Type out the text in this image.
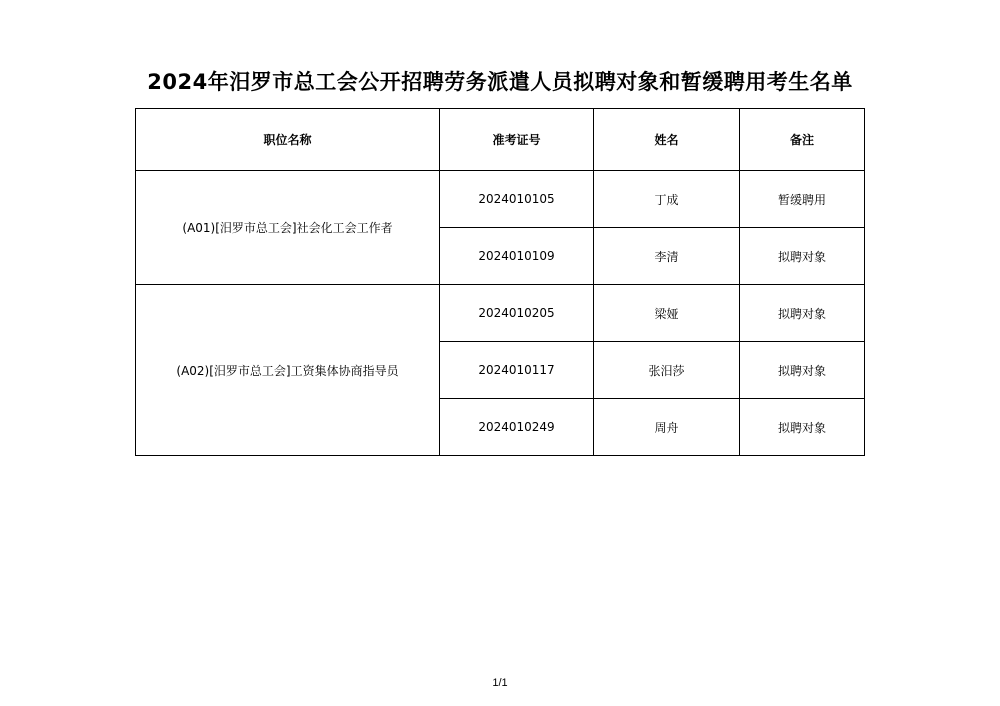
2024年汨罗市总工会公开招聘劳务派遣人员拟聘对象和暂缓聘用考生名单
职位名称	准考证号	姓名	备注
(A01)[汨罗市总工会]社会化工会工作者	2024010105	丁成	暂缓聘用
	2024010109	李清	拟聘对象
(A02)[汨罗市总工会]工资集体协商指导员	2024010205	梁娅	拟聘对象
	2024010117	张汨莎	拟聘对象
	2024010249	周舟	拟聘对象
1/1
